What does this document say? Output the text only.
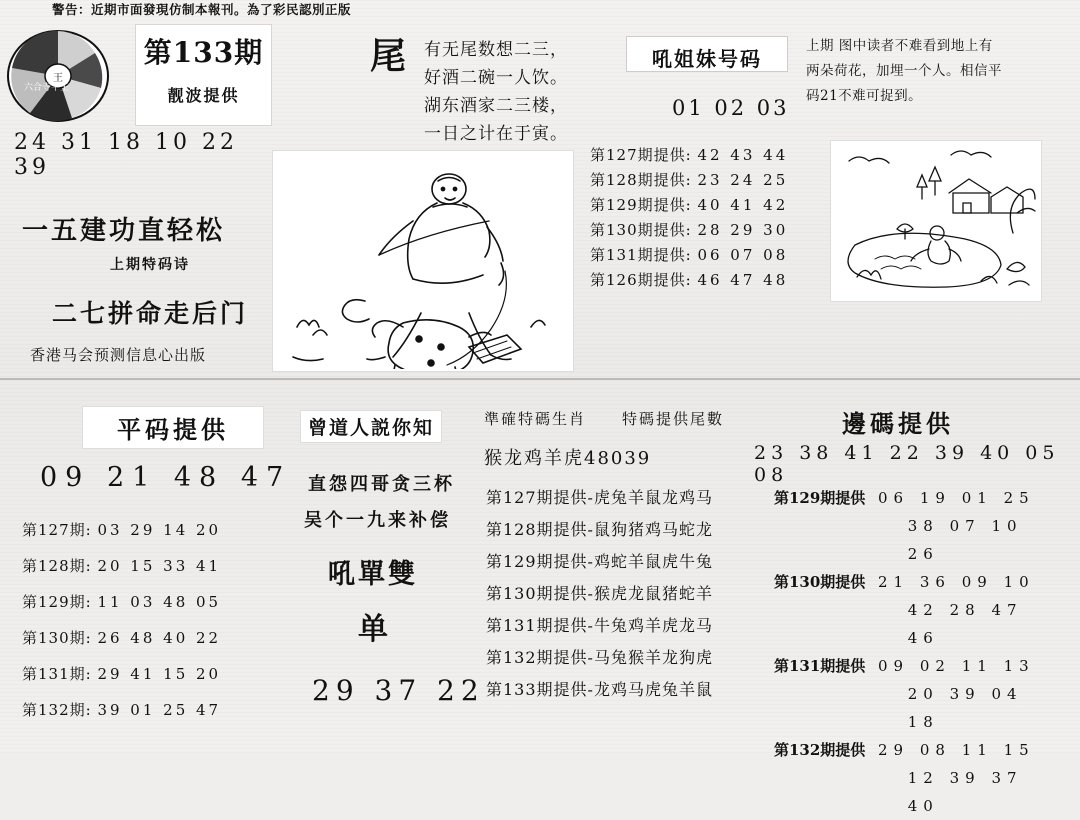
警告：近期市面發現仿制本報刊。為了彩民認別正版
王
六合寺平王
第133期
靓波提供
24 31 18 10 22 39
一五建功直轻松
上期特码诗
二七拼命走后门
香港马会预测信息心出版
尾 有无尾数想二三，好酒二碗一人饮。湖东酒家二三楼，一日之计在于寅。
吼姐妹号码
01 02 03
第127期提供: 42 43 44
第128期提供: 23 24 25
第129期提供: 40 41 42
第130期提供: 28 29 30
第131期提供: 06 07 08
第126期提供: 46 47 48
上期 图中读者不难看到地上有两朵荷花，加埋一个人。相信平码21不难可捉到。
平码提供
09 21 48 47
第127期: 03 29 14 20
第128期: 20 15 33 41
第129期: 11 03 48 05
第130期: 26 48 40 22
第131期: 29 41 15 20
第132期: 39 01 25 47
曾道人説你知
直怨四哥贪三杯
吴个一九来补偿
吼單雙
单
29 37 22
準確特碼生肖 特碼提供尾數
猴龙鸡羊虎48039
第127期提供-虎兔羊鼠龙鸡马
第128期提供-鼠狗猪鸡马蛇龙
第129期提供-鸡蛇羊鼠虎牛兔
第130期提供-猴虎龙鼠猪蛇羊
第131期提供-牛兔鸡羊虎龙马
第132期提供-马兔猴羊龙狗虎
第133期提供-龙鸡马虎兔羊鼠
邊碼提供
23 38 41 22 39 40 05 08
第129期提供 06 19 01 25
38 07 10 26
第130期提供 21 36 09 10
42 28 47 46
第131期提供 09 02 11 13
20 39 04 18
第132期提供 29 08 11 15
12 39 37 40
